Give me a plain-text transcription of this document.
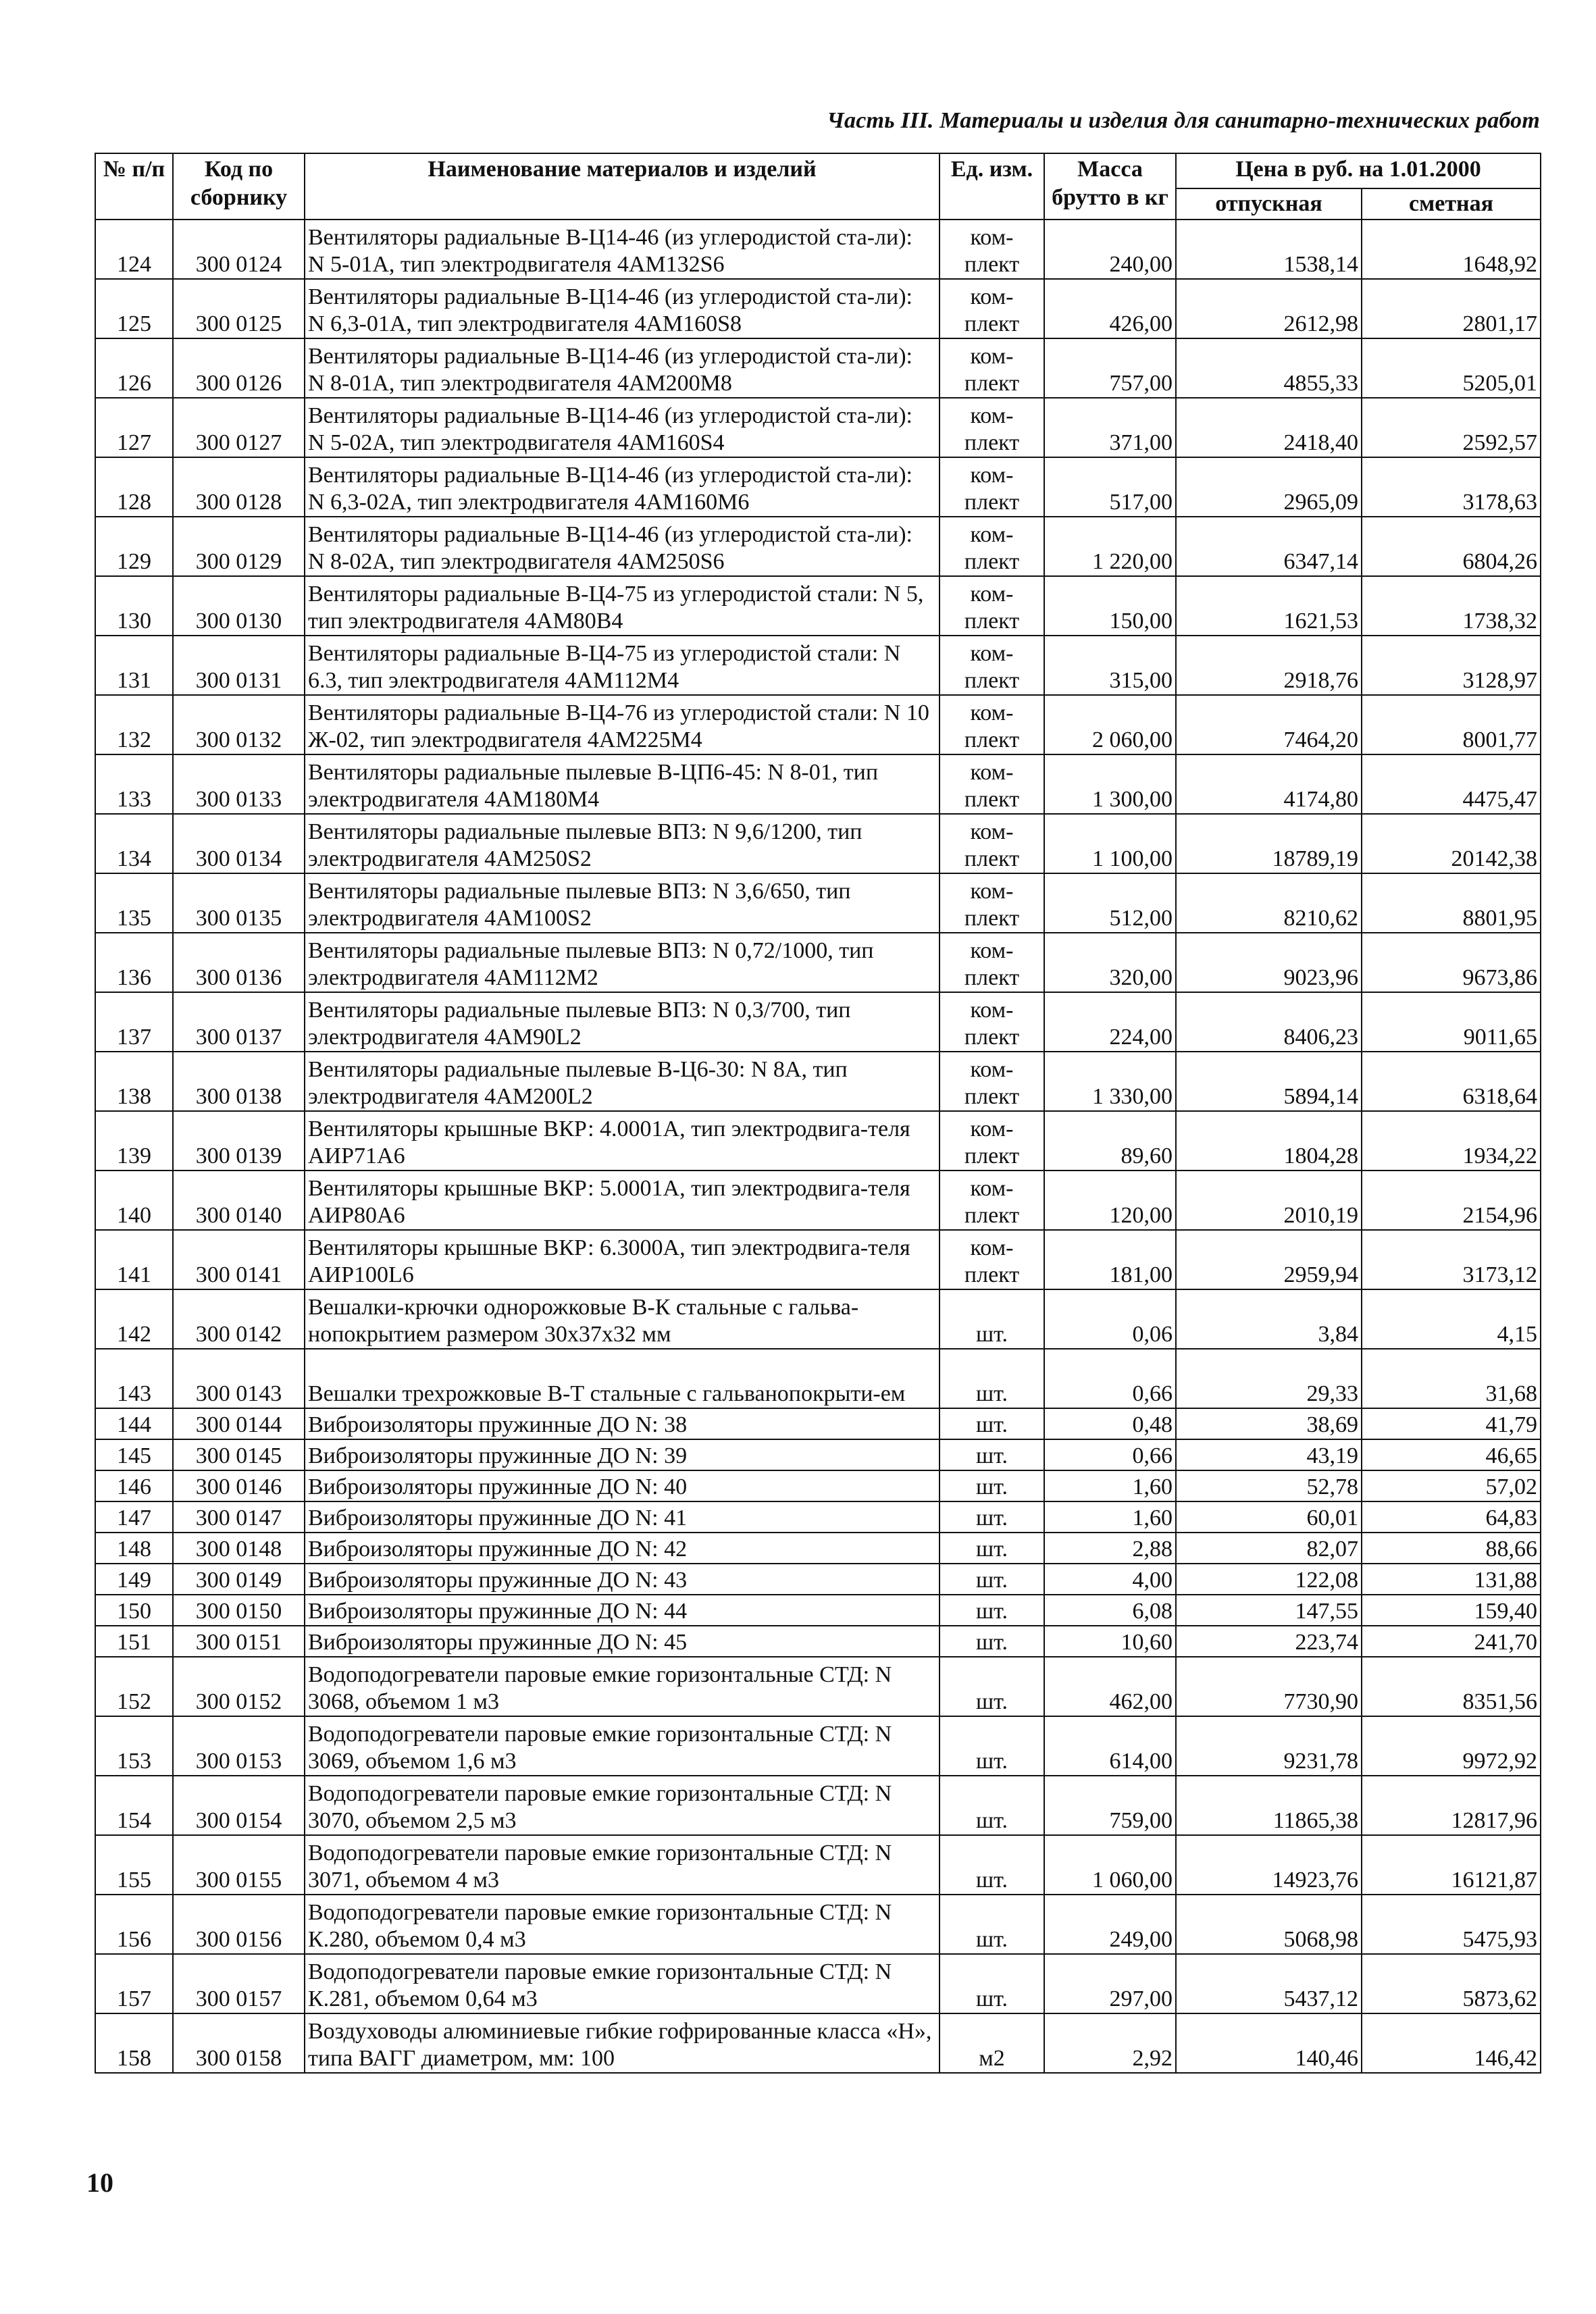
Часть III. Материалы и изделия для санитарно-технических работ
№ п/п	Код по сборнику	Наименование материалов и изделий	Ед. изм.	Масса брутто в кг	Цена в руб. на 1.01.2000	
					отпускная	сметная
124	300 0124	Вентиляторы радиальные В-Ц14-46 (из углеродистой ста-ли): N 5-01А, тип электродвигателя 4АМ132S6	ком-плект	240,00	1538,14	1648,92
125	300 0125	Вентиляторы радиальные В-Ц14-46 (из углеродистой ста-ли): N 6,3-01А, тип электродвигателя 4АМ160S8	ком-плект	426,00	2612,98	2801,17
126	300 0126	Вентиляторы радиальные В-Ц14-46 (из углеродистой ста-ли): N 8-01А, тип электродвигателя 4АМ200М8	ком-плект	757,00	4855,33	5205,01
127	300 0127	Вентиляторы радиальные В-Ц14-46 (из углеродистой ста-ли): N 5-02А, тип электродвигателя 4АМ160S4	ком-плект	371,00	2418,40	2592,57
128	300 0128	Вентиляторы радиальные В-Ц14-46 (из углеродистой ста-ли): N 6,3-02А, тип электродвигателя 4АМ160М6	ком-плект	517,00	2965,09	3178,63
129	300 0129	Вентиляторы радиальные В-Ц14-46 (из углеродистой ста-ли): N 8-02А, тип электродвигателя 4АМ250S6	ком-плект	1 220,00	6347,14	6804,26
130	300 0130	Вентиляторы радиальные В-Ц4-75 из углеродистой стали: N 5, тип электродвигателя 4АМ80В4	ком-плект	150,00	1621,53	1738,32
131	300 0131	Вентиляторы радиальные В-Ц4-75 из углеродистой стали: N 6.3, тип электродвигателя 4АМ112М4	ком-плект	315,00	2918,76	3128,97
132	300 0132	Вентиляторы радиальные В-Ц4-76 из углеродистой стали: N 10 Ж-02, тип электродвигателя 4АМ225М4	ком-плект	2 060,00	7464,20	8001,77
133	300 0133	Вентиляторы радиальные пылевые В-ЦП6-45: N 8-01, тип электродвигателя 4АМ180М4	ком-плект	1 300,00	4174,80	4475,47
134	300 0134	Вентиляторы радиальные пылевые ВП3: N 9,6/1200, тип электродвигателя 4АМ250S2	ком-плект	1 100,00	18789,19	20142,38
135	300 0135	Вентиляторы радиальные пылевые ВП3: N 3,6/650, тип электродвигателя 4АМ100S2	ком-плект	512,00	8210,62	8801,95
136	300 0136	Вентиляторы радиальные пылевые ВП3: N 0,72/1000, тип электродвигателя 4АМ112М2	ком-плект	320,00	9023,96	9673,86
137	300 0137	Вентиляторы радиальные пылевые ВП3: N 0,3/700, тип электродвигателя 4АМ90L2	ком-плект	224,00	8406,23	9011,65
138	300 0138	Вентиляторы радиальные пылевые В-Ц6-30: N 8А, тип электродвигателя 4АМ200L2	ком-плект	1 330,00	5894,14	6318,64
139	300 0139	Вентиляторы крышные ВКР: 4.0001А, тип электродвига-теля АИР71А6	ком-плект	89,60	1804,28	1934,22
140	300 0140	Вентиляторы крышные ВКР: 5.0001А, тип электродвига-теля АИР80А6	ком-плект	120,00	2010,19	2154,96
141	300 0141	Вентиляторы крышные ВКР: 6.3000А, тип электродвига-теля АИР100L6	ком-плект	181,00	2959,94	3173,12
142	300 0142	Вешалки-крючки однорожковые В-К стальные с гальва-нопокрытием размером 30х37х32 мм	шт.	0,06	3,84	4,15
143	300 0143	Вешалки трехрожковые В-Т стальные с гальванопокрыти-ем	шт.	0,66	29,33	31,68
144	300 0144	Виброизоляторы пружинные ДО N: 38	шт.	0,48	38,69	41,79
145	300 0145	Виброизоляторы пружинные ДО N: 39	шт.	0,66	43,19	46,65
146	300 0146	Виброизоляторы пружинные ДО N: 40	шт.	1,60	52,78	57,02
147	300 0147	Виброизоляторы пружинные ДО N: 41	шт.	1,60	60,01	64,83
148	300 0148	Виброизоляторы пружинные ДО N: 42	шт.	2,88	82,07	88,66
149	300 0149	Виброизоляторы пружинные ДО N: 43	шт.	4,00	122,08	131,88
150	300 0150	Виброизоляторы пружинные ДО N: 44	шт.	6,08	147,55	159,40
151	300 0151	Виброизоляторы пружинные ДО N: 45	шт.	10,60	223,74	241,70
152	300 0152	Водоподогреватели паровые емкие горизонтальные СТД: N 3068, объемом 1 м3	шт.	462,00	7730,90	8351,56
153	300 0153	Водоподогреватели паровые емкие горизонтальные СТД: N 3069, объемом 1,6 м3	шт.	614,00	9231,78	9972,92
154	300 0154	Водоподогреватели паровые емкие горизонтальные СТД: N 3070, объемом 2,5 м3	шт.	759,00	11865,38	12817,96
155	300 0155	Водоподогреватели паровые емкие горизонтальные СТД: N 3071, объемом 4 м3	шт.	1 060,00	14923,76	16121,87
156	300 0156	Водоподогреватели паровые емкие горизонтальные СТД: N К.280, объемом 0,4 м3	шт.	249,00	5068,98	5475,93
157	300 0157	Водоподогреватели паровые емкие горизонтальные СТД: N К.281, объемом 0,64 м3	шт.	297,00	5437,12	5873,62
158	300 0158	Воздуховоды алюминиевые гибкие гофрированные класса «Н», типа ВАГГ диаметром, мм: 100	м2	2,92	140,46	146,42
10
